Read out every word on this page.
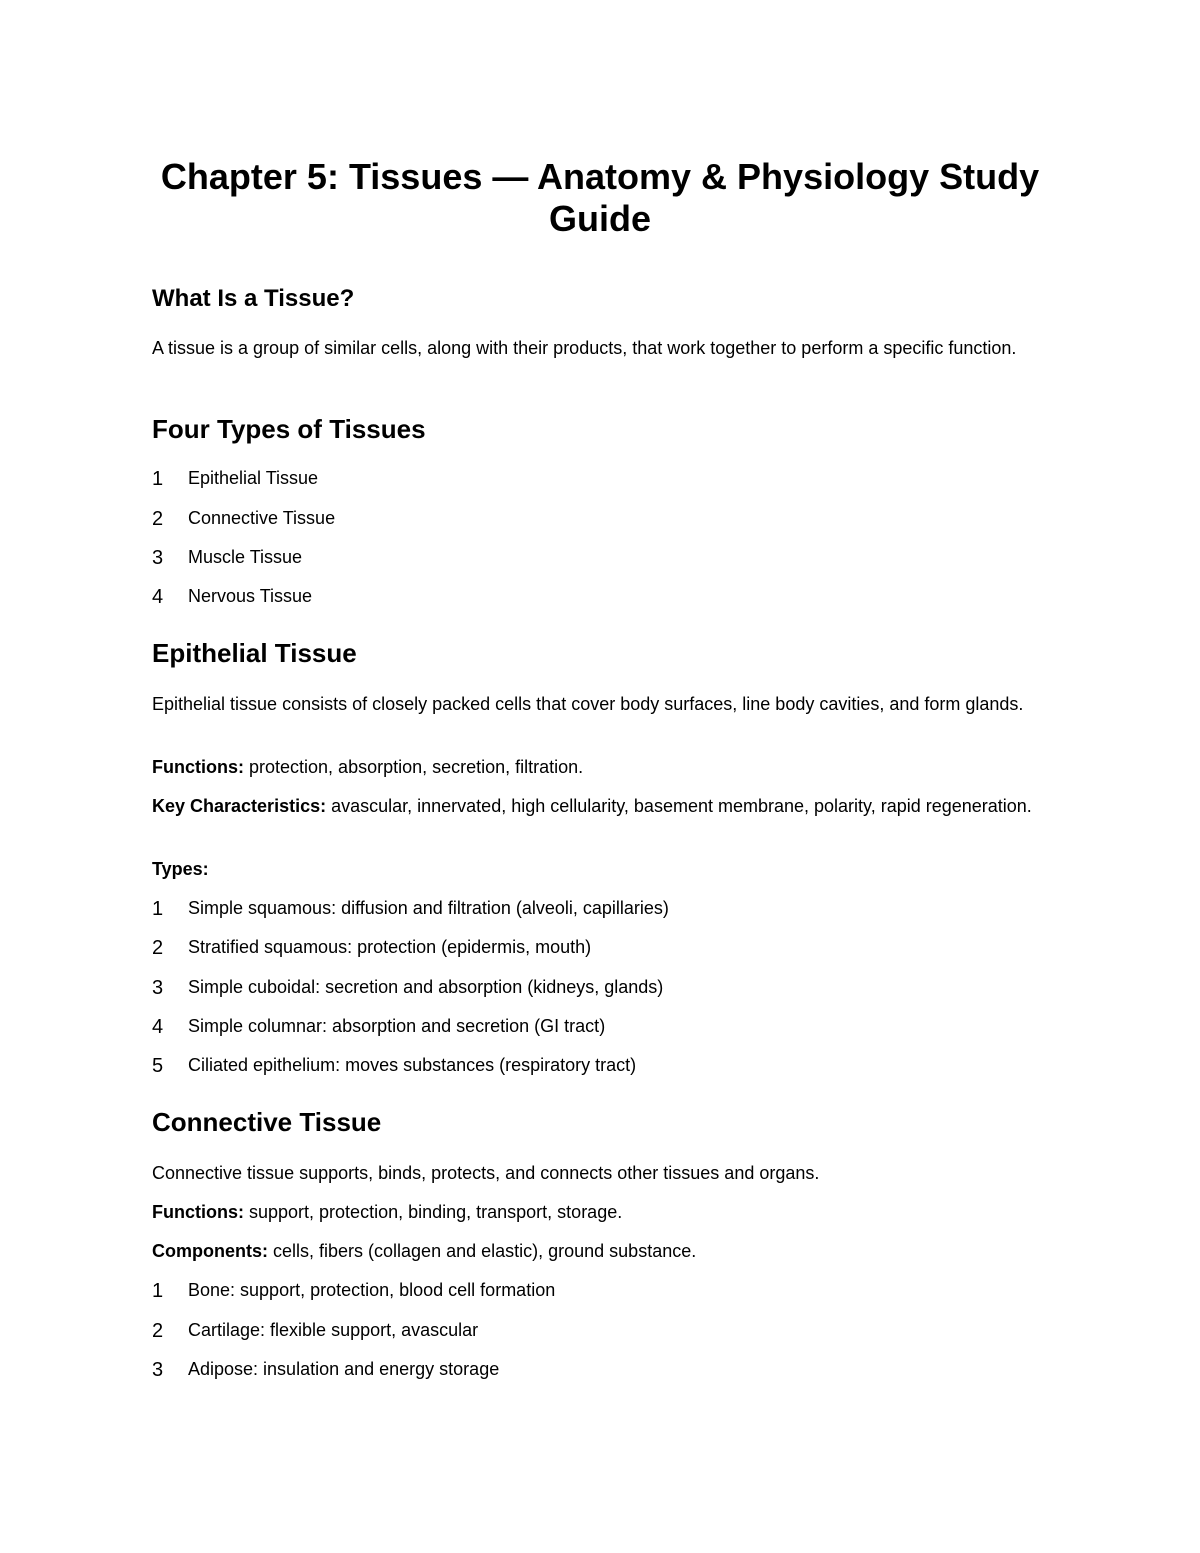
Chapter 5: Tissues — Anatomy & Physiology Study Guide
What Is a Tissue?

A tissue is a group of similar cells, along with their products, that work together to perform a specific function.

Four Types of Tissues
1	Epithelial Tissue
2	Connective Tissue
3	Muscle Tissue
4	Nervous Tissue
Epithelial Tissue

Epithelial tissue consists of closely packed cells that cover body surfaces, line body cavities, and form glands.

Functions: protection, absorption, secretion, filtration.

Key Characteristics: avascular, innervated, high cellularity, basement membrane, polarity, rapid regeneration.

Types:

1	Simple squamous: diffusion and filtration (alveoli, capillaries)
2	Stratified squamous: protection (epidermis, mouth)
3	Simple cuboidal: secretion and absorption (kidneys, glands)
4	Simple columnar: absorption and secretion (GI tract)
5	Ciliated epithelium: moves substances (respiratory tract)
Connective Tissue

Connective tissue supports, binds, protects, and connects other tissues and organs.

Functions: support, protection, binding, transport, storage.

Components: cells, fibers (collagen and elastic), ground substance.

1	Bone: support, protection, blood cell formation
2	Cartilage: flexible support, avascular
3	Adipose: insulation and energy storage
